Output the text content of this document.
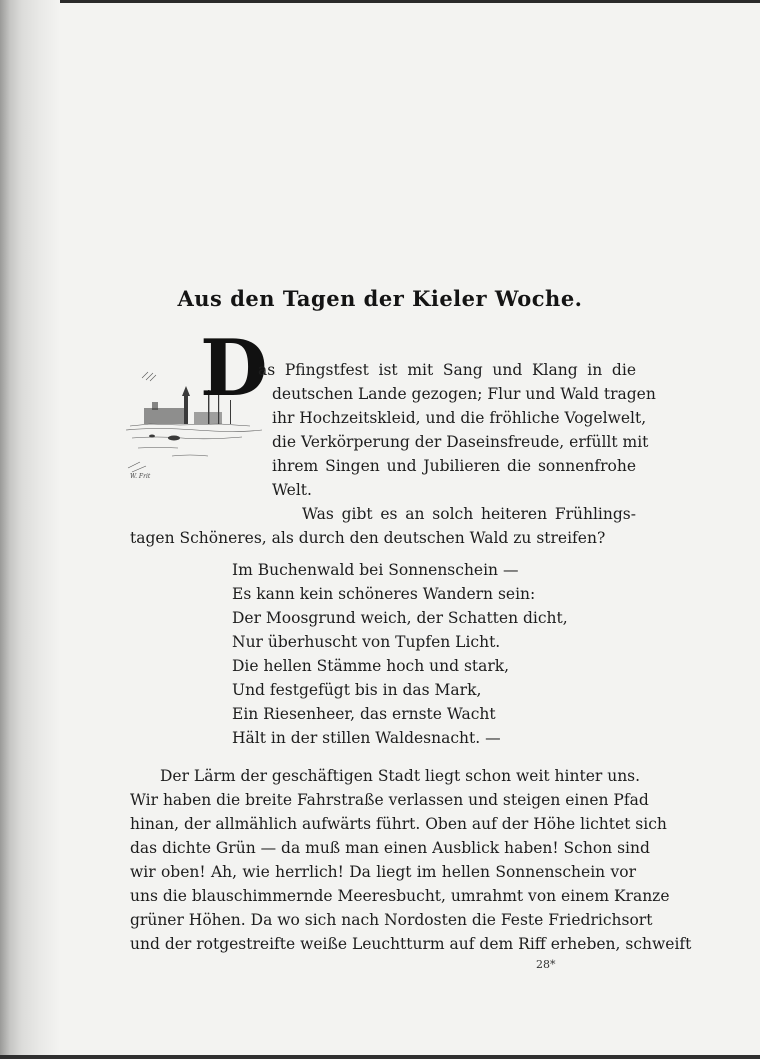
Aus den Tagen der Kieler Woche.
W. Frit
D
as Pfingstfest ist mit Sang und Klang in die
deutschen Lande gezogen; Flur und Wald tragen
ihr Hochzeitskleid, und die fröhliche Vogelwelt,
die Verkörperung der Daseinsfreude, erfüllt mit
ihrem Singen und Jubilieren die sonnenfrohe
Welt.
Was gibt es an solch heiteren Frühlings-
tagen Schöneres, als durch den deutschen Wald zu streifen?
Im Buchenwald bei Sonnenschein —
Es kann kein schöneres Wandern sein:
Der Moosgrund weich, der Schatten dicht,
Nur überhuscht von Tupfen Licht.
Die hellen Stämme hoch und stark,
Und festgefügt bis in das Mark,
Ein Riesenheer, das ernste Wacht
Hält in der stillen Waldesnacht. —
Der Lärm der geschäftigen Stadt liegt schon weit hinter uns.
Wir haben die breite Fahrstraße verlassen und steigen einen Pfad
hinan, der allmählich aufwärts führt. Oben auf der Höhe lichtet sich
das dichte Grün — da muß man einen Ausblick haben! Schon sind
wir oben! Ah, wie herrlich! Da liegt im hellen Sonnenschein vor
uns die blauschimmernde Meeresbucht, umrahmt von einem Kranze
grüner Höhen. Da wo sich nach Nordosten die Feste Friedrichsort
und der rotgestreifte weiße Leuchtturm auf dem Riff erheben, schweift
28*
